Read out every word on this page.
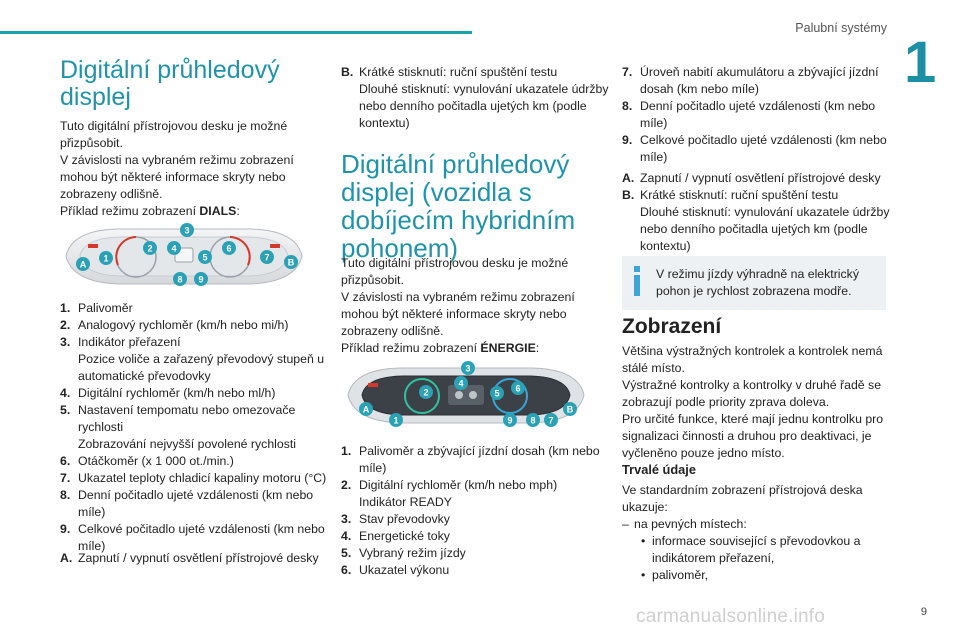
Palubní systémy
1
Digitální průhledový
displej

Tuto digitální přístrojovou desku je možné

přizpůsobit.

V závislosti na vybraném režimu zobrazení

mohou být některé informace skryty nebo

zobrazeny odlišně.

Příklad režimu zobrazení DIALS:

1. Palivoměr
2. Analogový rychloměr (km/h nebo mi/h)
3. Indikátor přeřazení
Pozice voliče a zařazený převodový stupeň u
automatické převodovky
4. Digitální rychloměr (km/h nebo ml/h)
5. Nastavení tempomatu nebo omezovače
rychlosti
Zobrazování nejvyšší povolené rychlosti
6. Otáčkoměr (x 1 000 ot./min.)
7. Ukazatel teploty chladicí kapaliny motoru (°C)
8. Denní počitadlo ujeté vzdálenosti (km nebo
míle)
9. Celkové počitadlo ujeté vzdálenosti (km nebo
míle)
A. Zapnutí / vypnutí osvětlení přístrojové desky
1
2
3
4
5
6
7
8 9
A	B
B. Krátké stisknutí: ruční spuštění testu
Dlouhé stisknutí: vynulování ukazatele údržby
nebo denního počitadla ujetých km (podle
kontextu)
Digitální průhledový
displej (vozidla s
dobíjecím hybridním
pohonem)

Tuto digitální přístrojovou desku je možné

přizpůsobit.

V závislosti na vybraném režimu zobrazení

mohou být některé informace skryty nebo

zobrazeny odlišně.

Příklad režimu zobrazení ÉNERGIE:

1. Palivoměr a zbývající jízdní dosah (km nebo
míle)
2. Digitální rychloměr (km/h nebo mph)
Indikátor READY
3. Stav převodovky
4. Energetické toky
5. Vybraný režim jízdy
6. Ukazatel výkonu
1
2
3
4
5 6
7
8
9
A	B
7. Úroveň nabití akumulátoru a zbývající jízdní
dosah (km nebo míle)
8. Denní počitadlo ujeté vzdálenosti (km nebo
míle)
9. Celkové počitadlo ujeté vzdálenosti (km nebo
míle)
A. Zapnutí / vypnutí osvětlení přístrojové desky
B. Krátké stisknutí: ruční spuštění testu
Dlouhé stisknutí: vynulování ukazatele údržby
nebo denního počitadla ujetých km (podle
kontextu)
V režimu jízdy výhradně na elektrický
pohon je rychlost zobrazena modře.
Zobrazení

Většina výstražných kontrolek a kontrolek nemá

stálé místo.

Výstražné kontrolky a kontrolky v druhé řadě se

zobrazují podle priority zprava doleva.

Pro určité funkce, které mají jednu kontrolku pro

signalizaci činnosti a druhou pro deaktivaci, je

vyčleněno pouze jedno místo.

Trvalé údaje

Ve standardním zobrazení přístrojová deska

ukazuje:

– na pevných místech:
• informace související s převodovkou a
indikátorem přeřazení,
• palivoměr,
9
carmanualsonline.info
